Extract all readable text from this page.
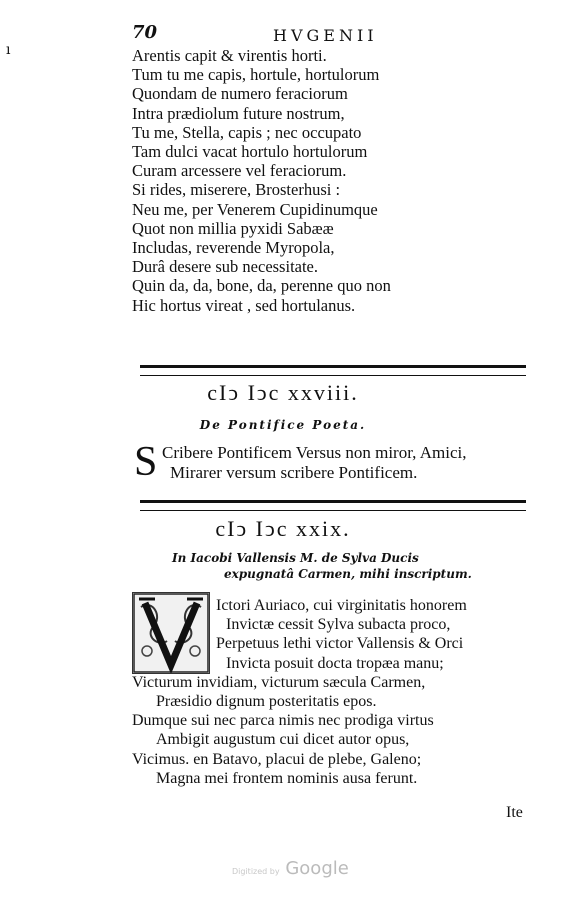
ı
70	HVGENII
Arentis capit & virentis horti.
Tum tu me capis, hortule, hortulorum
Quondam de numero feraciorum
Intra prædiolum future nostrum,
Tu me, Stella, capis ; nec occupato
Tam dulci vacat hortulo hortulorum
Curam arcessere vel feraciorum.
Si rides, miserere, Brosterhusi :
Neu me, per Venerem Cupidinumque
Quot non millia pyxidi Sabææ
Includas, reverende Myropola,
Durâ desere sub necessitate.
Quin da, da, bone, da, perenne quo non
Hic hortus vireat , sed hortulanus.
cIↄ Iↄc xxviii.
De Pontifice Poeta.
S Cribere Pontificem Versus non miror, Amici,
Mirarer versum scribere Pontificem.
cIↄ Iↄc xxix.
In Iacobi Vallensis M. de Sylva Ducis
expugnatâ Carmen, mihi inscriptum.
Ictori Auriaco, cui virginitatis honorem
Invictæ cessit Sylva subacta proco,
Perpetuus lethi victor Vallensis & Orci
Invicta posuit docta tropæa manu;
Victurum invidiam, victurum sæcula Carmen,
Præsidio dignum posteritatis epos.
Dumque sui nec parca nimis nec prodiga virtus
Ambigit augustum cui dicet autor opus,
Vicimus. en Batavo, placui de plebe, Galeno;
Magna mei frontem nominis ausa ferunt.
Ite
Digitized by Google
